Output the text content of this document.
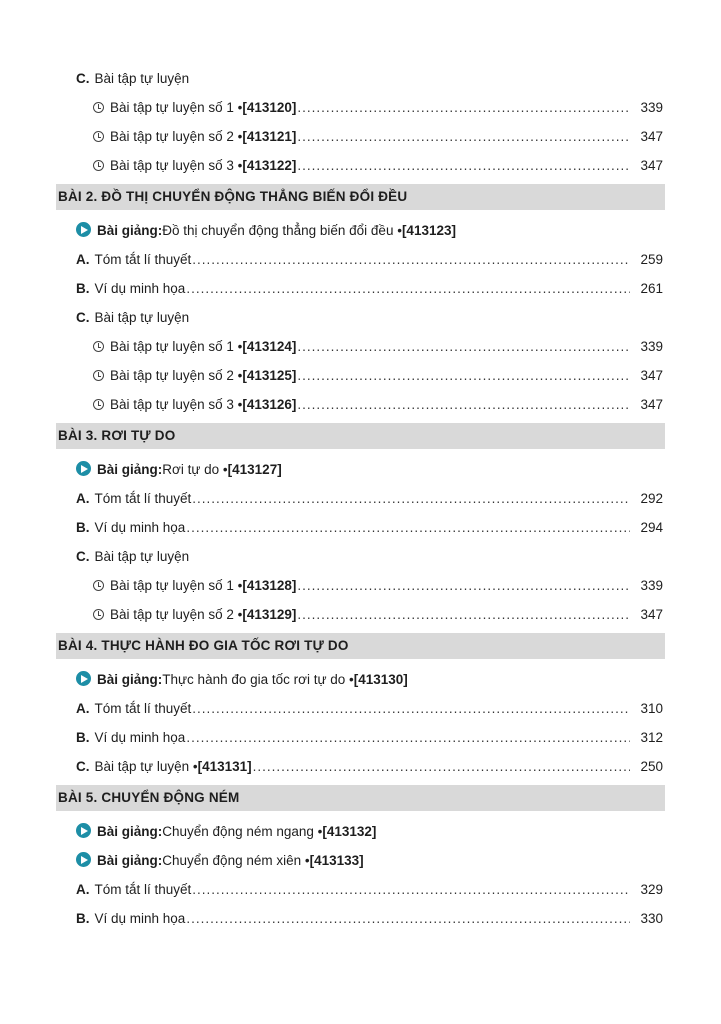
C. Bài tập tự luyện
Bài tập tự luyện số 1 • [413120] .....	339
Bài tập tự luyện số 2 • [413121] .....	347
Bài tập tự luyện số 3 • [413122] .....	347
BÀI 2. ĐỒ THỊ CHUYỂN ĐỘNG THẲNG BIẾN ĐỔI ĐỀU
Bài giảng: Đồ thị chuyển động thẳng biến đổi đều • [413123]
A. Tóm tắt lí thuyết .....	259
B. Ví dụ minh họa .....	261
C. Bài tập tự luyện
Bài tập tự luyện số 1 • [413124] .....	339
Bài tập tự luyện số 2 • [413125] .....	347
Bài tập tự luyện số 3 • [413126] .....	347
BÀI 3. RƠI TỰ DO
Bài giảng: Rơi tự do • [413127]
A. Tóm tắt lí thuyết .....	292
B. Ví dụ minh họa .....	294
C. Bài tập tự luyện
Bài tập tự luyện số 1 • [413128] .....	339
Bài tập tự luyện số 2 • [413129] .....	347
BÀI 4. THỰC HÀNH ĐO GIA TỐC RƠI TỰ DO
Bài giảng: Thực hành đo gia tốc rơi tự do • [413130]
A. Tóm tắt lí thuyết .....	310
B. Ví dụ minh họa .....	312
C. Bài tập tự luyện • [413131] .....	250
BÀI 5. CHUYỂN ĐỘNG NÉM
Bài giảng: Chuyển động ném ngang • [413132]
Bài giảng: Chuyển động ném xiên • [413133]
A. Tóm tắt lí thuyết .....	329
B. Ví dụ minh họa .....	330
